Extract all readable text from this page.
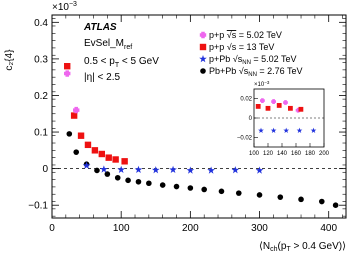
0	100	200	300	400
−0.1
0
0.1
0.2
0.3
0.4
$\times 10^{-3}$
c₂{4}
$⟨N_{ch}(p_T > 0.4$ GeV)⟩
ATLAS
$EvSel\_M_{ref}$
$0.5 < p_T < 5$ GeV
|η| < 2.5
p+p √s = 5.02 TeV
p+p √s = 13 TeV
p+Pb $√s_{NN} = 5.02$ TeV
Pb+Pb $√s_{NN} = 2.76$ TeV
100 120 140 160 180 200
−0.02
0
0.02
$\times 10^{-3}$
